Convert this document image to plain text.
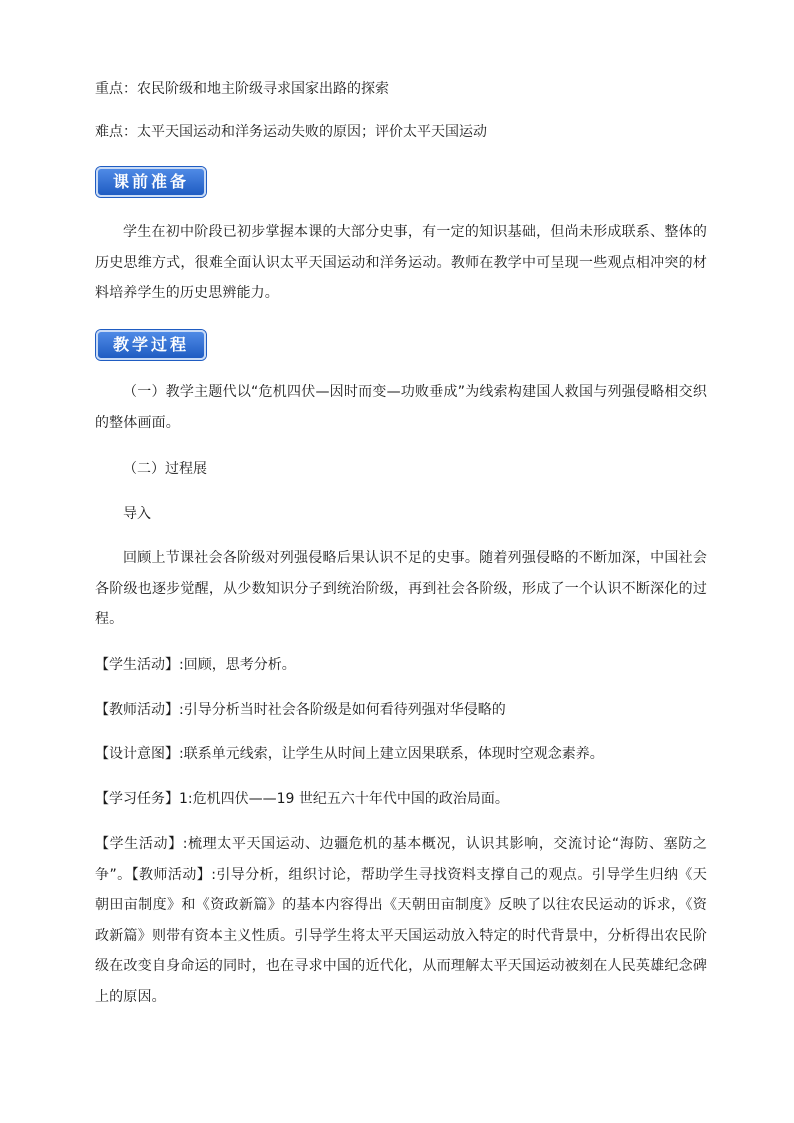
重点：农民阶级和地主阶级寻求国家出路的探索
难点：太平天国运动和洋务运动失败的原因；评价太平天国运动
课前准备
学生在初中阶段已初步掌握本课的大部分史事，有一定的知识基础，但尚未形成联系、整体的历史思维方式，很难全面认识太平天国运动和洋务运动。教师在教学中可呈现一些观点相冲突的材料培养学生的历史思辨能力。
教学过程
（一）教学主题代以“危机四伏—因时而变—功败垂成”为线索构建国人救国与列强侵略相交织的整体画面。
（二）过程展
导入
回顾上节课社会各阶级对列强侵略后果认识不足的史事。随着列强侵略的不断加深，中国社会各阶级也逐步觉醒，从少数知识分子到统治阶级，再到社会各阶级，形成了一个认识不断深化的过程。
【学生活动】:回顾，思考分析。
【教师活动】:引导分析当时社会各阶级是如何看待列强对华侵略的
【设计意图】:联系单元线索，让学生从时间上建立因果联系，体现时空观念素养。
【学习任务】1:危机四伏——19 世纪五六十年代中国的政治局面。
【学生活动】:梳理太平天国运动、边疆危机的基本概况，认识其影响，交流讨论“海防、塞防之争”。【教师活动】:引导分析，组织讨论，帮助学生寻找资料支撑自己的观点。引导学生归纳《天朝田亩制度》和《资政新篇》的基本内容得出《天朝田亩制度》反映了以往农民运动的诉求，《资政新篇》则带有资本主义性质。引导学生将太平天国运动放入特定的时代背景中，分析得出农民阶级在改变自身命运的同时，也在寻求中国的近代化，从而理解太平天国运动被刻在人民英雄纪念碑上的原因。
